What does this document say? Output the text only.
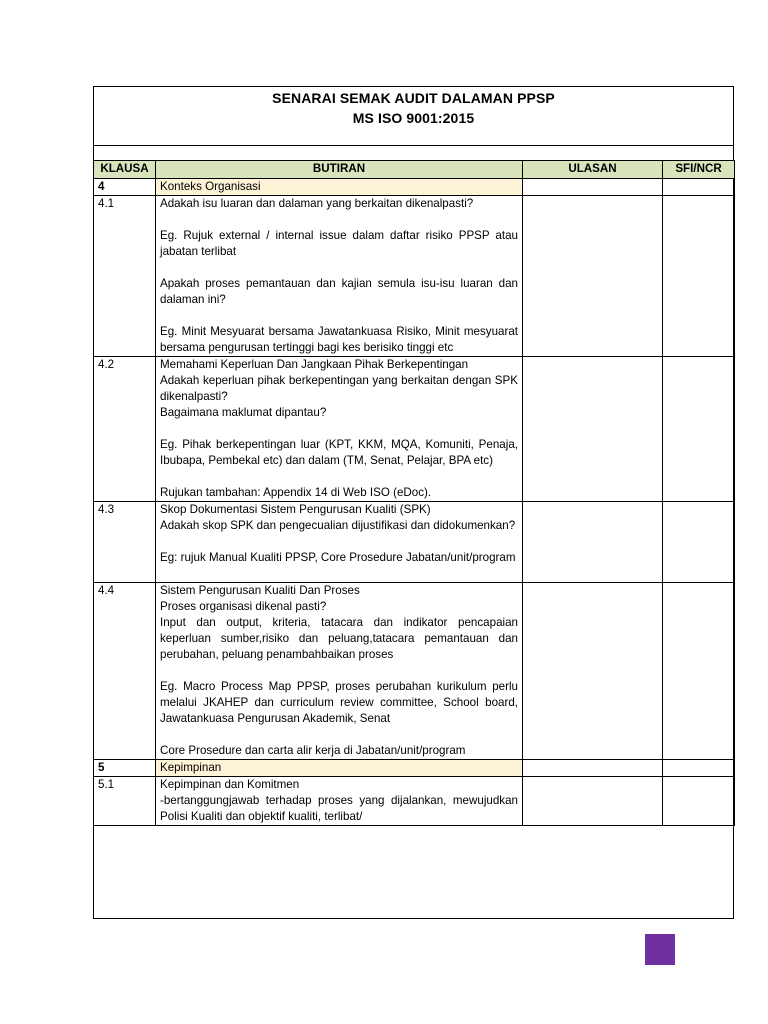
SENARAI SEMAK AUDIT DALAMAN PPSP
MS ISO 9001:2015
KLAUSA	BUTIRAN	ULASAN	SFI/NCR
4	Konteks Organisasi		

4.1	Adakah isu luaran dan dalaman yang berkaitan dikenalpasti?
Eg. Rujuk external / internal issue dalam daftar risiko PPSP atau jabatan terlibat
Apakah proses pemantauan dan kajian semula isu-isu luaran dan dalaman ini?
Eg. Minit Mesyuarat bersama Jawatankuasa Risiko, Minit mesyuarat bersama pengurusan tertinggi bagi kes berisiko tinggi etc		

4.2	Memahami Keperluan Dan Jangkaan Pihak Berkepentingan
Adakah keperluan pihak berkepentingan yang berkaitan dengan SPK dikenalpasti?
Bagaimana maklumat dipantau?
Eg. Pihak berkepentingan luar (KPT, KKM, MQA, Komuniti, Penaja, Ibubapa, Pembekal etc) dan dalam (TM, Senat, Pelajar, BPA etc)
Rujukan tambahan: Appendix 14 di Web ISO (eDoc).		

4.3	Skop Dokumentasi Sistem Pengurusan Kualiti (SPK)
Adakah skop SPK dan pengecualian dijustifikasi dan didokumenkan?
Eg: rujuk Manual Kualiti PPSP, Core Prosedure Jabatan/unit/program		

4.4	Sistem Pengurusan Kualiti Dan Proses
Proses organisasi dikenal pasti?
Input dan output, kriteria, tatacara dan indikator pencapaian keperluan sumber,risiko dan peluang,tatacara pemantauan dan perubahan, peluang penambahbaikan proses
Eg. Macro Process Map PPSP, proses perubahan kurikulum perlu melalui JKAHEP dan curriculum review committee, School board, Jawatankuasa Pengurusan Akademik, Senat
Core Prosedure dan carta alir kerja di Jabatan/unit/program		

5	Kepimpinan		

5.1	Kepimpinan dan Komitmen
-bertanggungjawab terhadap proses yang dijalankan, mewujudkan Polisi Kualiti dan objektif kualiti, terlibat/		
